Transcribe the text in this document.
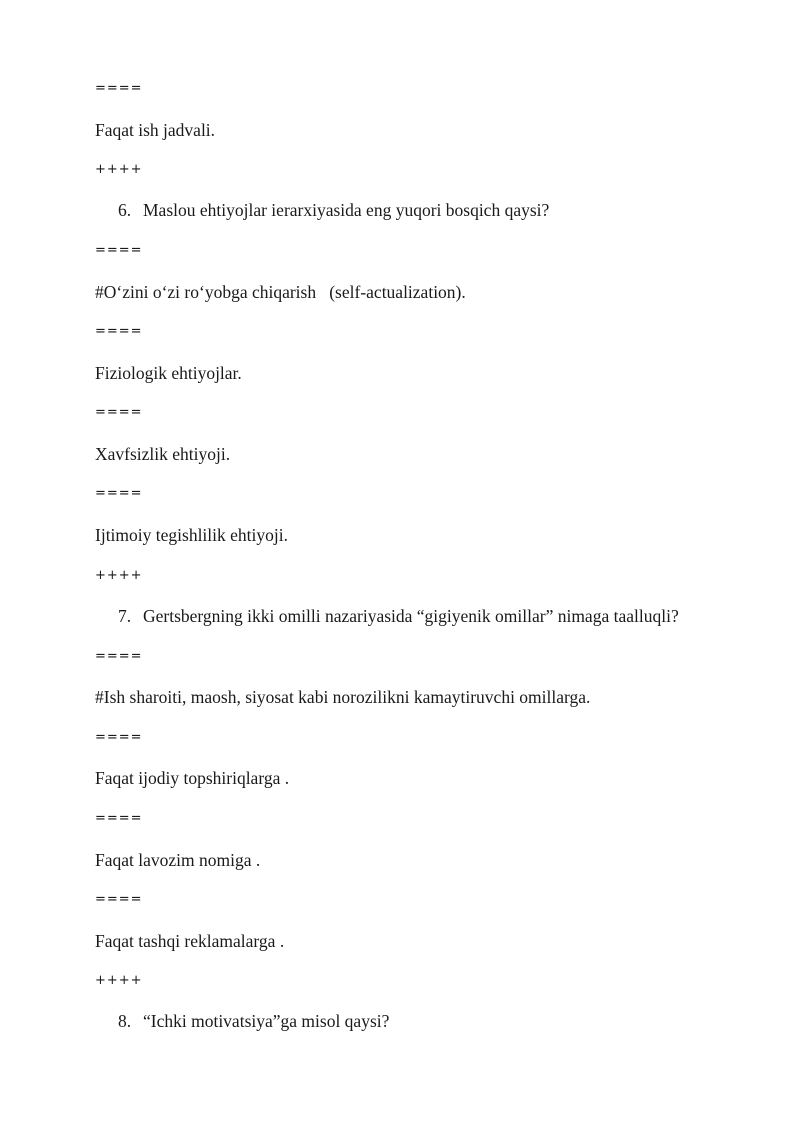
====
Faqat ish jadvali.
++++
6. Maslou ehtiyojlar ierarxiyasida eng yuqori bosqich qaysi?
====
#O‘zini o‘zi ro‘yobga chiqarish   (self-actualization).
====
Fiziologik ehtiyojlar.
====
Xavfsizlik ehtiyoji.
====
Ijtimoiy tegishlilik ehtiyoji.
++++
7. Gertsbergning ikki omilli nazariyasida “gigiyenik omillar” nimaga taalluqli?
====
#Ish sharoiti, maosh, siyosat kabi norozilikni kamaytiruvchi omillarga.
====
Faqat ijodiy topshiriqlarga .
====
Faqat lavozim nomiga .
====
Faqat tashqi reklamalarga .
++++
8. “Ichki motivatsiya”ga misol qaysi?
